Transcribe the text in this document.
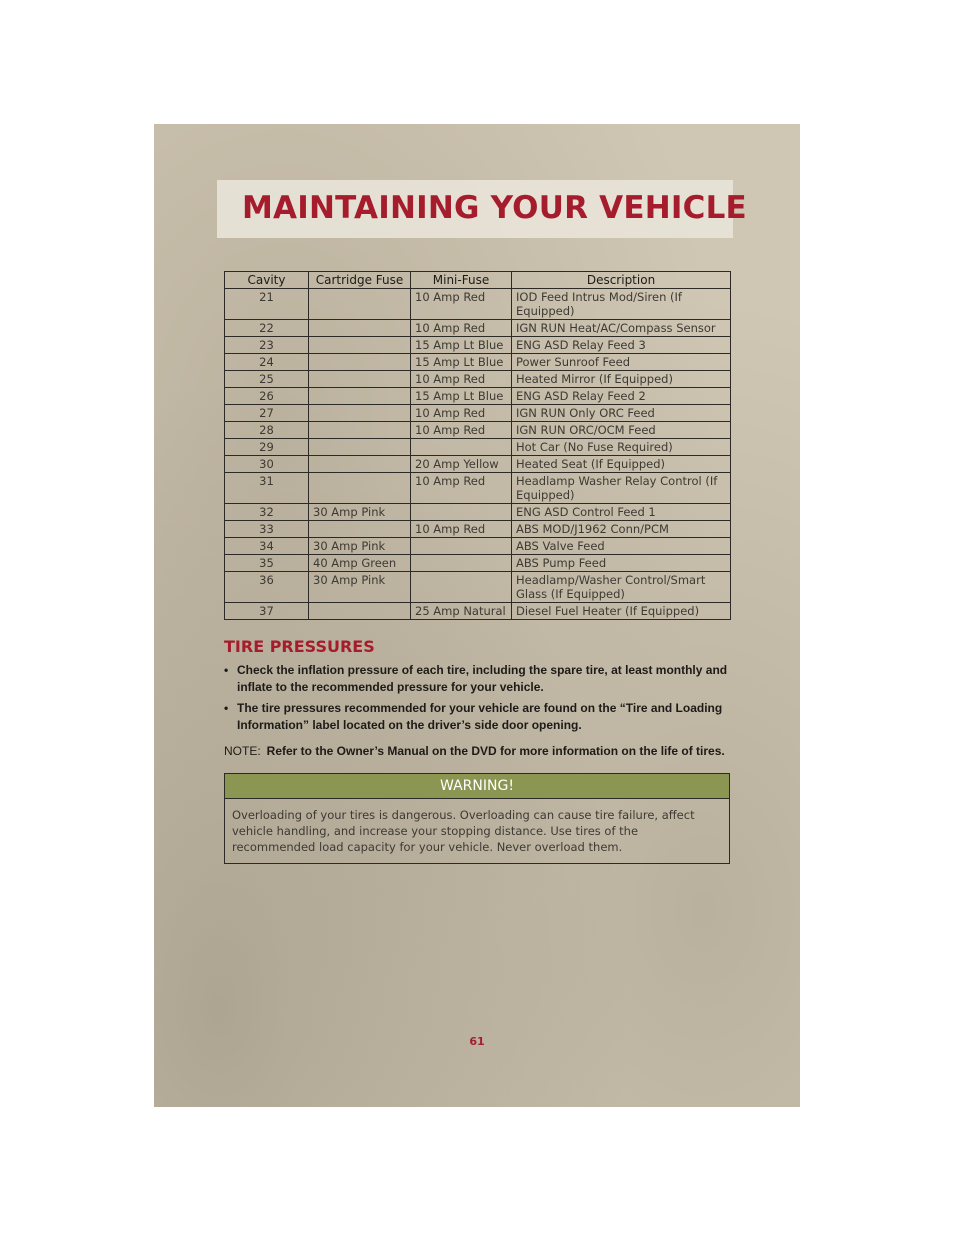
MAINTAINING YOUR VEHICLE
Cavity	Cartridge Fuse	Mini-Fuse	Description
21		10 Amp Red	IOD Feed Intrus Mod/Siren (If Equipped)
22		10 Amp Red	IGN RUN Heat/AC/Compass Sensor
23		15 Amp Lt Blue	ENG ASD Relay Feed 3
24		15 Amp Lt Blue	Power Sunroof Feed
25		10 Amp Red	Heated Mirror (If Equipped)
26		15 Amp Lt Blue	ENG ASD Relay Feed 2
27		10 Amp Red	IGN RUN Only ORC Feed
28		10 Amp Red	IGN RUN ORC/OCM Feed
29			Hot Car (No Fuse Required)
30		20 Amp Yellow	Heated Seat (If Equipped)
31		10 Amp Red	Headlamp Washer Relay Control (If Equipped)
32	30 Amp Pink		ENG ASD Control Feed 1
33		10 Amp Red	ABS MOD/J1962 Conn/PCM
34	30 Amp Pink		ABS Valve Feed
35	40 Amp Green		ABS Pump Feed
36	30 Amp Pink		Headlamp/Washer Control/Smart Glass (If Equipped)
37		25 Amp Natural	Diesel Fuel Heater (If Equipped)
TIRE PRESSURES
• Check the inflation pressure of each tire, including the spare tire, at least monthly and inflate to the recommended pressure for your vehicle.
• The tire pressures recommended for your vehicle are found on the “Tire and Loading Information” label located on the driver’s side door opening.
NOTE: Refer to the Owner’s Manual on the DVD for more information on the life of tires.
WARNING!
Overloading of your tires is dangerous. Overloading can cause tire failure, affect vehicle handling, and increase your stopping distance. Use tires of the recommended load capacity for your vehicle. Never overload them.
61
